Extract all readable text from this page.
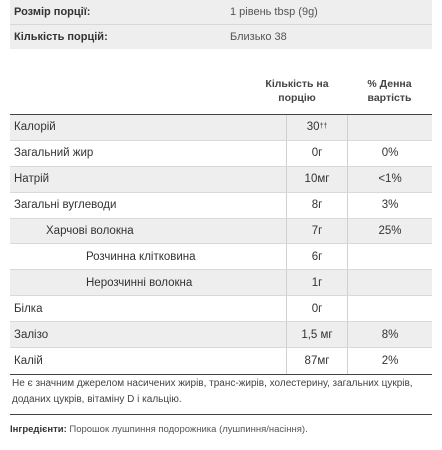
Розмір порції:	1 рівень tbsp (9g)
Кількість порцій:	Близько 38
Кількість на
порцію
% Денна
вартість
Калорій	30 ††
Загальний жир	0г	0%
Натрій	10мг	<1%
Загальні вуглеводи	8г	3%
Харчові волокна	7г	25%
Розчинна клітковина	6г
Нерозчинні волокна	1г
Білка	0г
Залізо	1,5 мг	8%
Калій	87мг	2%
Не є значним джерелом насичених жирів, транс-жирів, холестерину, загальних цукрів, доданих цукрів, вітаміну D і кальцію.
Інгредієнти: Порошок лушпиння подорожника (лушпиння/насіння).
